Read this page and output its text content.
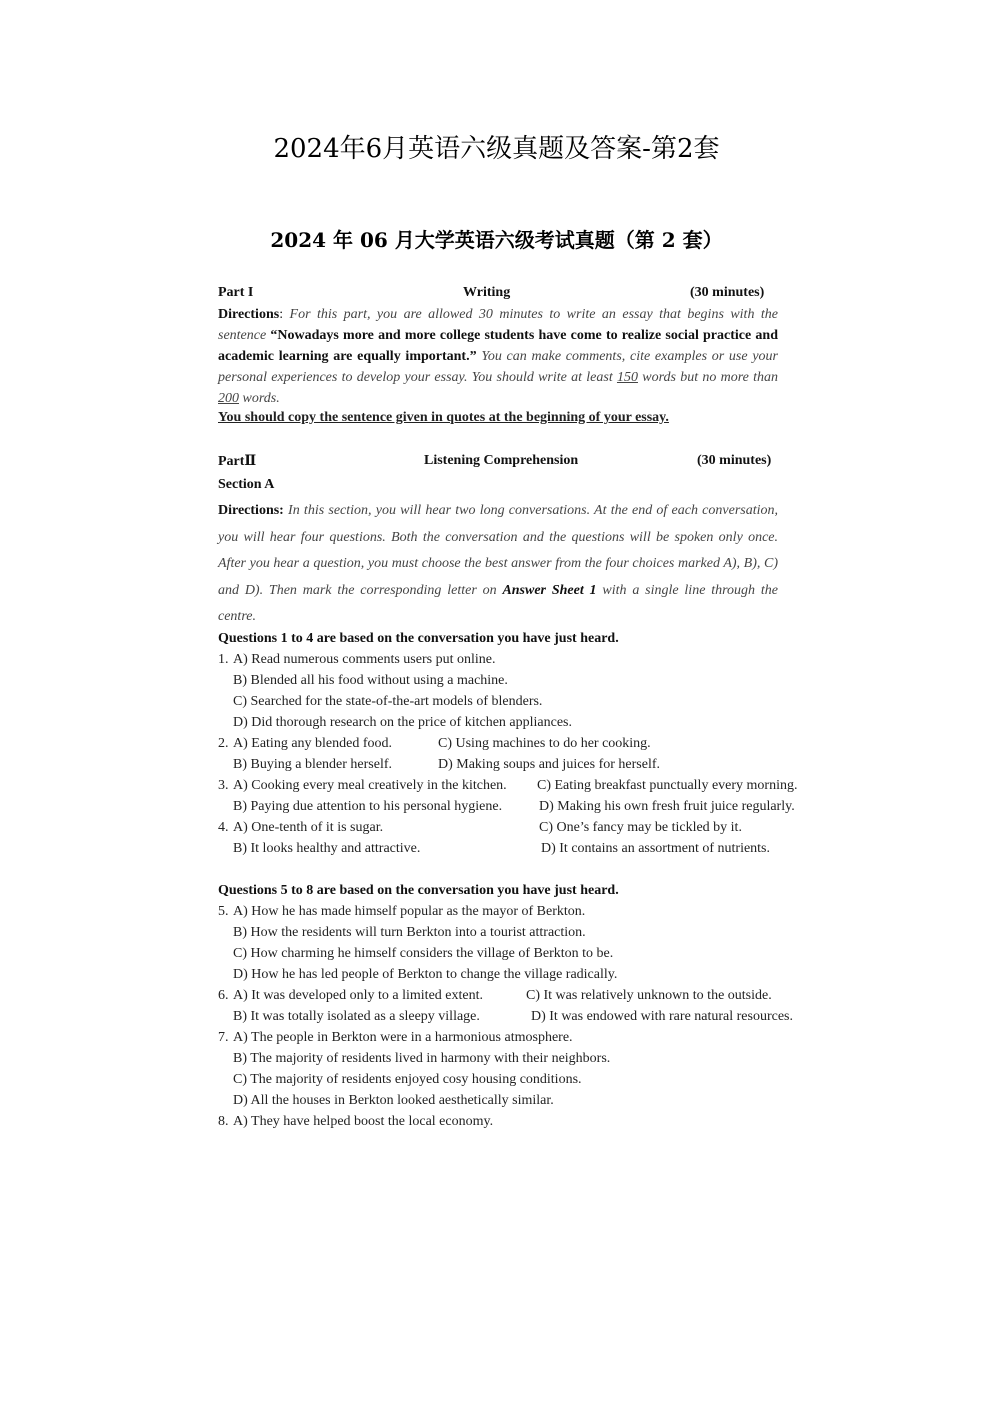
2024年6月英语六级真题及答案-第2套
2024 年 06 月大学英语六级考试真题（第 2 套）
Part I	Writing	(30 minutes)
Directions: For this part, you are allowed 30 minutes to write an essay that begins with the sentence “Nowadays more and more college students have come to realize social practice and academic learning are equally important.” You can make comments, cite examples or use your personal experiences to develop your essay. You should write at least 150 words but no more than 200 words.
You should copy the sentence given in quotes at the beginning of your essay.
PartⅡ	Listening Comprehension	(30 minutes)
Section A
Directions: In this section, you will hear two long conversations. At the end of each conversation, you will hear four questions. Both the conversation and the questions will be spoken only once. After you hear a question, you must choose the best answer from the four choices marked A), B), C) and D). Then mark the corresponding letter on Answer Sheet 1 with a single line through the centre.
Questions 1 to 4 are based on the conversation you have just heard.
1. A) Read numerous comments users put online.
B) Blended all his food without using a machine.
C) Searched for the state-of-the-art models of blenders.
D) Did thorough research on the price of kitchen appliances.
2. A) Eating any blended food.	C) Using machines to do her cooking.
B) Buying a blender herself.	D) Making soups and juices for herself.
3. A) Cooking every meal creatively in the kitchen. C) Eating breakfast punctually every morning.
B) Paying due attention to his personal hygiene.	D) Making his own fresh fruit juice regularly.
4. A) One-tenth of it is sugar.	C) One’s fancy may be tickled by it.
B) It looks healthy and attractive.	D) It contains an assortment of nutrients.
Questions 5 to 8 are based on the conversation you have just heard.
5. A) How he has made himself popular as the mayor of Berkton.
B) How the residents will turn Berkton into a tourist attraction.
C) How charming he himself considers the village of Berkton to be.
D) How he has led people of Berkton to change the village radically.
6. A) It was developed only to a limited extent.	C) It was relatively unknown to the outside.
B) It was totally isolated as a sleepy village.	D) It was endowed with rare natural resources.
7. A) The people in Berkton were in a harmonious atmosphere.
B) The majority of residents lived in harmony with their neighbors.
C) The majority of residents enjoyed cosy housing conditions.
D) All the houses in Berkton looked aesthetically similar.
8. A) They have helped boost the local economy.
